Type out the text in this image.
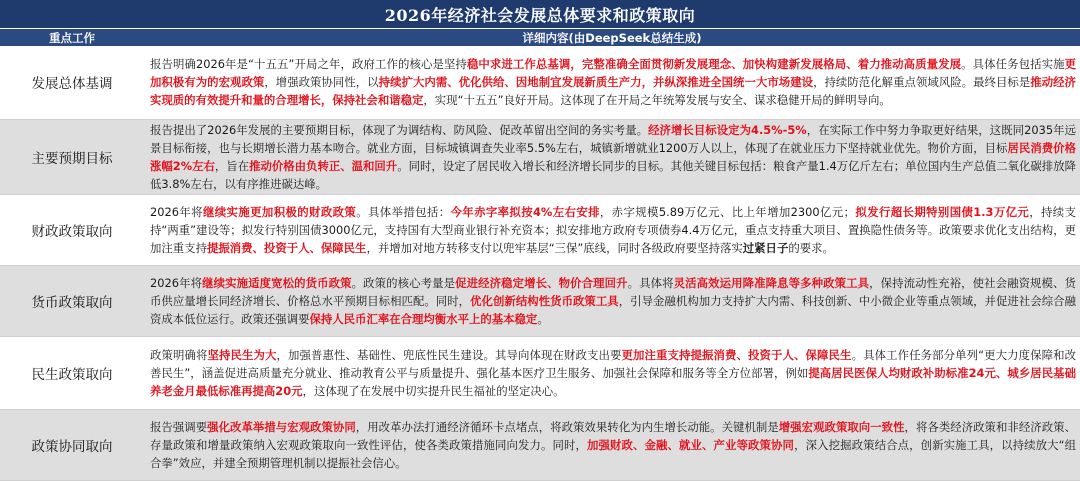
2026年经济社会发展总体要求和政策取向
重点工作	详细内容(由DeepSeek总结生成)
发展总体基调	报告明确2026年是“十五五”开局之年，政府工作的核心是坚持稳中求进工作总基调，完整准确全面贯彻新发展理念、加快构建新发展格局、着力推动高质量发展。具体任务包括实施更加积极有为的宏观政策，增强政策协同性，以持续扩大内需、优化供给、因地制宜发展新质生产力，并纵深推进全国统一大市场建设，持续防范化解重点领域风险。最终目标是推动经济实现质的有效提升和量的合理增长，保持社会和谐稳定，实现“十五五”良好开局。这体现了在开局之年统筹发展与安全、谋求稳健开局的鲜明导向。
主要预期目标	报告提出了2026年发展的主要预期目标，体现了为调结构、防风险、促改革留出空间的务实考量。经济增长目标设定为4.5%-5%，在实际工作中努力争取更好结果，这既同2035年远景目标衔接，也与长期增长潜力基本吻合。就业方面，目标城镇调查失业率5.5%左右，城镇新增就业1200万人以上，体现了在就业压力下坚持就业优先。物价方面，目标居民消费价格涨幅2%左右，旨在推动价格由负转正、温和回升。同时，设定了居民收入增长和经济增长同步的目标。其他关键目标包括：粮食产量1.4万亿斤左右；单位国内生产总值二氧化碳排放降低3.8%左右，以有序推进碳达峰。
财政政策取向	2026年将继续实施更加积极的财政政策。具体举措包括：今年赤字率拟按4%左右安排，赤字规模5.89万亿元、比上年增加2300亿元；拟发行超长期特别国债1.3万亿元，持续支持“两重”建设等；拟发行特别国债3000亿元，支持国有大型商业银行补充资本；拟安排地方政府专项债券4.4万亿元，重点支持重大项目、置换隐性债务等。政策要求优化支出结构，更加注重支持提振消费、投资于人、保障民生，并增加对地方转移支付以兜牢基层“三保”底线，同时各级政府要坚持落实过紧日子的要求。
货币政策取向	2026年将继续实施适度宽松的货币政策。政策的核心考量是促进经济稳定增长、物价合理回升。具体将灵活高效运用降准降息等多种政策工具，保持流动性充裕，使社会融资规模、货币供应量增长同经济增长、价格总水平预期目标相匹配。同时，优化创新结构性货币政策工具，引导金融机构加力支持扩大内需、科技创新、中小微企业等重点领域，并促进社会综合融资成本低位运行。政策还强调要保持人民币汇率在合理均衡水平上的基本稳定。
民生政策取向	政策明确将坚持民生为大，加强普惠性、基础性、兜底性民生建设。其导向体现在财政支出要更加注重支持提振消费、投资于人、保障民生。具体工作任务部分单列“更大力度保障和改善民生”，涵盖促进高质量充分就业、推动教育公平与质量提升、强化基本医疗卫生服务、加强社会保障和服务等全方位部署，例如提高居民医保人均财政补助标准24元、城乡居民基础养老金月最低标准再提高20元，这体现了在发展中切实提升民生福祉的坚定决心。
政策协同取向	报告强调要强化改革举措与宏观政策协同，用改革办法打通经济循环卡点堵点，将政策效果转化为内生增长动能。关键机制是增强宏观政策取向一致性，将各类经济政策和非经济政策、存量政策和增量政策纳入宏观政策取向一致性评估，使各类政策措施同向发力。同时，加强财政、金融、就业、产业等政策协同，深入挖掘政策结合点，创新实施工具，以持续放大“组合拳”效应，并建全预期管理机制以提振社会信心。
